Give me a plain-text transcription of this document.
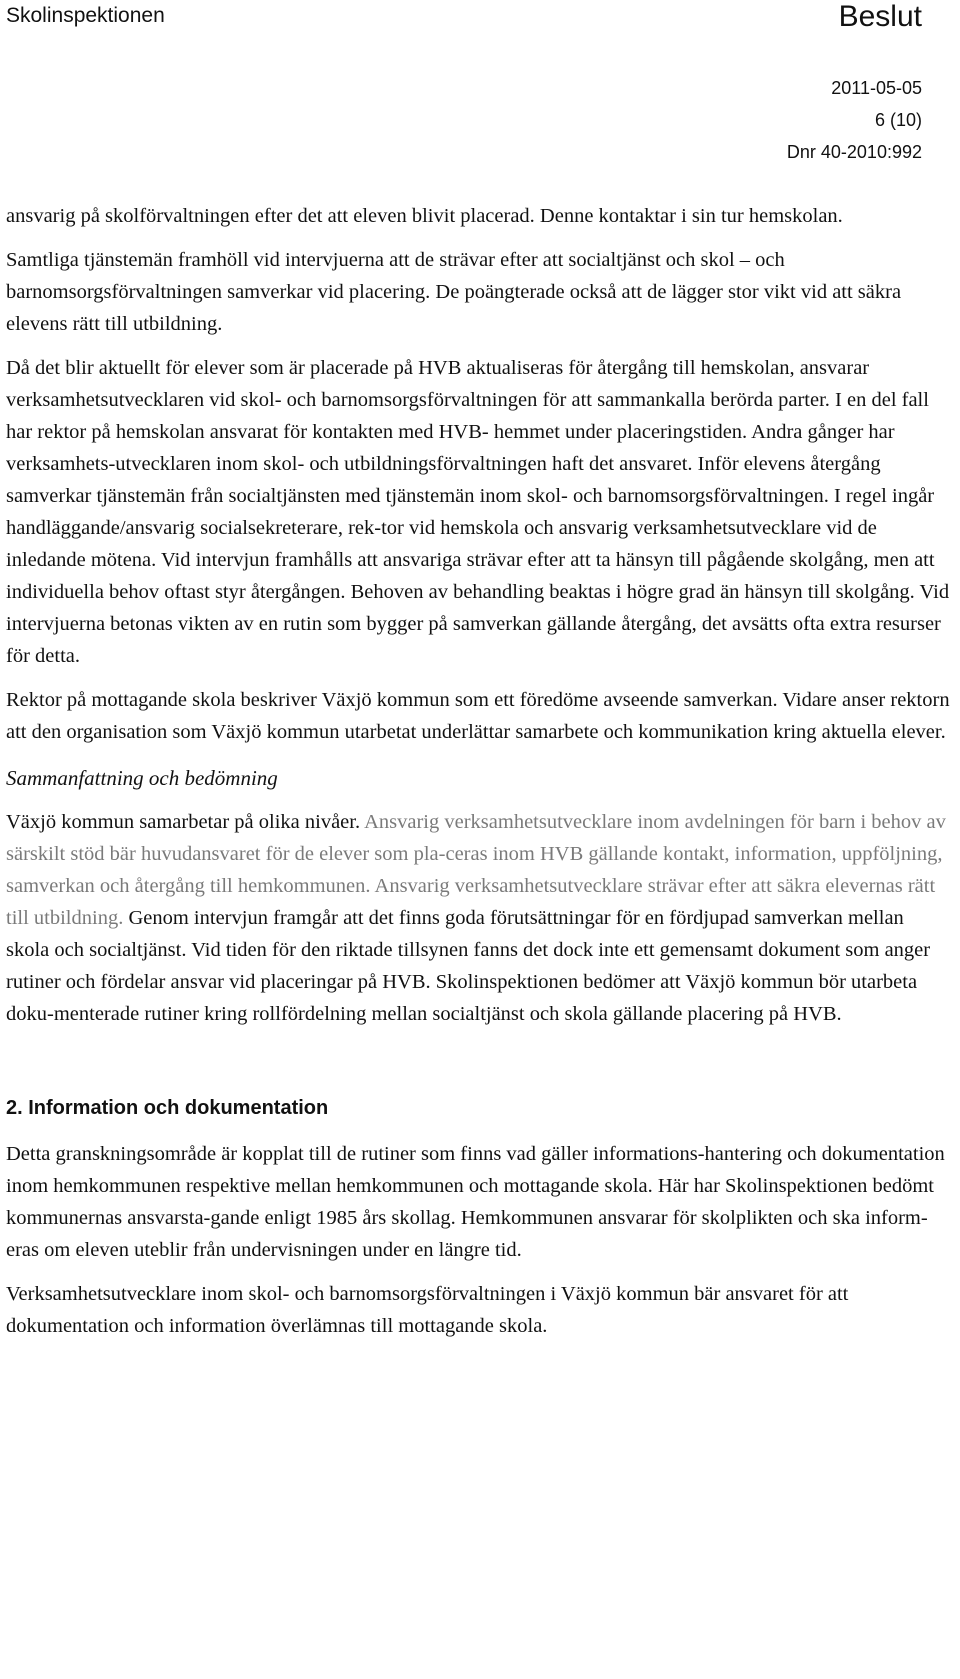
Skolinspektionen	Beslut
2011-05-05
6 (10)
Dnr 40-2010:992

ansvarig på skolförvaltningen efter det att eleven blivit placerad. Denne kontaktar i sin tur hemskolan.

Samtliga tjänstemän framhöll vid intervjuerna att de strävar efter att socialtjänst och skol – och barnomsorgsförvaltningen samverkar vid placering. De poängterade också att de lägger stor vikt vid att säkra elevens rätt till utbildning.

Då det blir aktuellt för elever som är placerade på HVB aktualiseras för återgång till hemskolan, ansvarar verksamhetsutvecklaren vid skol- och barnomsorgsförvaltningen för att sammankalla berörda parter. I en del fall har rektor på hemskolan ansvarat för kontakten med HVB- hemmet under placeringstiden. Andra gånger har verksamhets-utvecklaren inom skol- och utbildningsförvaltningen haft det ansvaret. Inför elevens återgång samverkar tjänstemän från socialtjänsten med tjänstemän inom skol- och barnomsorgsförvaltningen. I regel ingår handläggande/ansvarig socialsekreterare, rek-tor vid hemskola och ansvarig verksamhetsutvecklare vid de inledande mötena. Vid intervjun framhålls att ansvariga strävar efter att ta hänsyn till pågående skolgång, men att individuella behov oftast styr återgången. Behoven av behandling beaktas i högre grad än hänsyn till skolgång. Vid intervjuerna betonas vikten av en rutin som bygger på samverkan gällande återgång, det avsätts ofta extra resurser för detta.

Rektor på mottagande skola beskriver Växjö kommun som ett föredöme avseende samverkan. Vidare anser rektorn att den organisation som Växjö kommun utarbetat underlättar samarbete och kommunikation kring aktuella elever.

Sammanfattning och bedömning

Växjö kommun samarbetar på olika nivåer. Ansvarig verksamhetsutvecklare inom avdelningen för barn i behov av särskilt stöd bär huvudansvaret för de elever som pla-ceras inom HVB gällande kontakt, information, uppföljning, samverkan och återgång till hemkommunen. Ansvarig verksamhetsutvecklare strävar efter att säkra elevernas rätt till utbildning. Genom intervjun framgår att det finns goda förutsättningar för en fördjupad samverkan mellan skola och socialtjänst. Vid tiden för den riktade tillsynen fanns det dock inte ett gemensamt dokument som anger rutiner och fördelar ansvar vid placeringar på HVB. Skolinspektionen bedömer att Växjö kommun bör utarbeta doku-menterade rutiner kring rollfördelning mellan socialtjänst och skola gällande placering på HVB.

2. Information och dokumentation

Detta granskningsområde är kopplat till de rutiner som finns vad gäller informations-hantering och dokumentation inom hemkommunen respektive mellan hemkommunen och mottagande skola. Här har Skolinspektionen bedömt kommunernas ansvarsta-gande enligt 1985 års skollag. Hemkommunen ansvarar för skolplikten och ska inform-eras om eleven uteblir från undervisningen under en längre tid.

Verksamhetsutvecklare inom skol- och barnomsorgsförvaltningen i Växjö kommun bär ansvaret för att dokumentation och information överlämnas till mottagande skola.
